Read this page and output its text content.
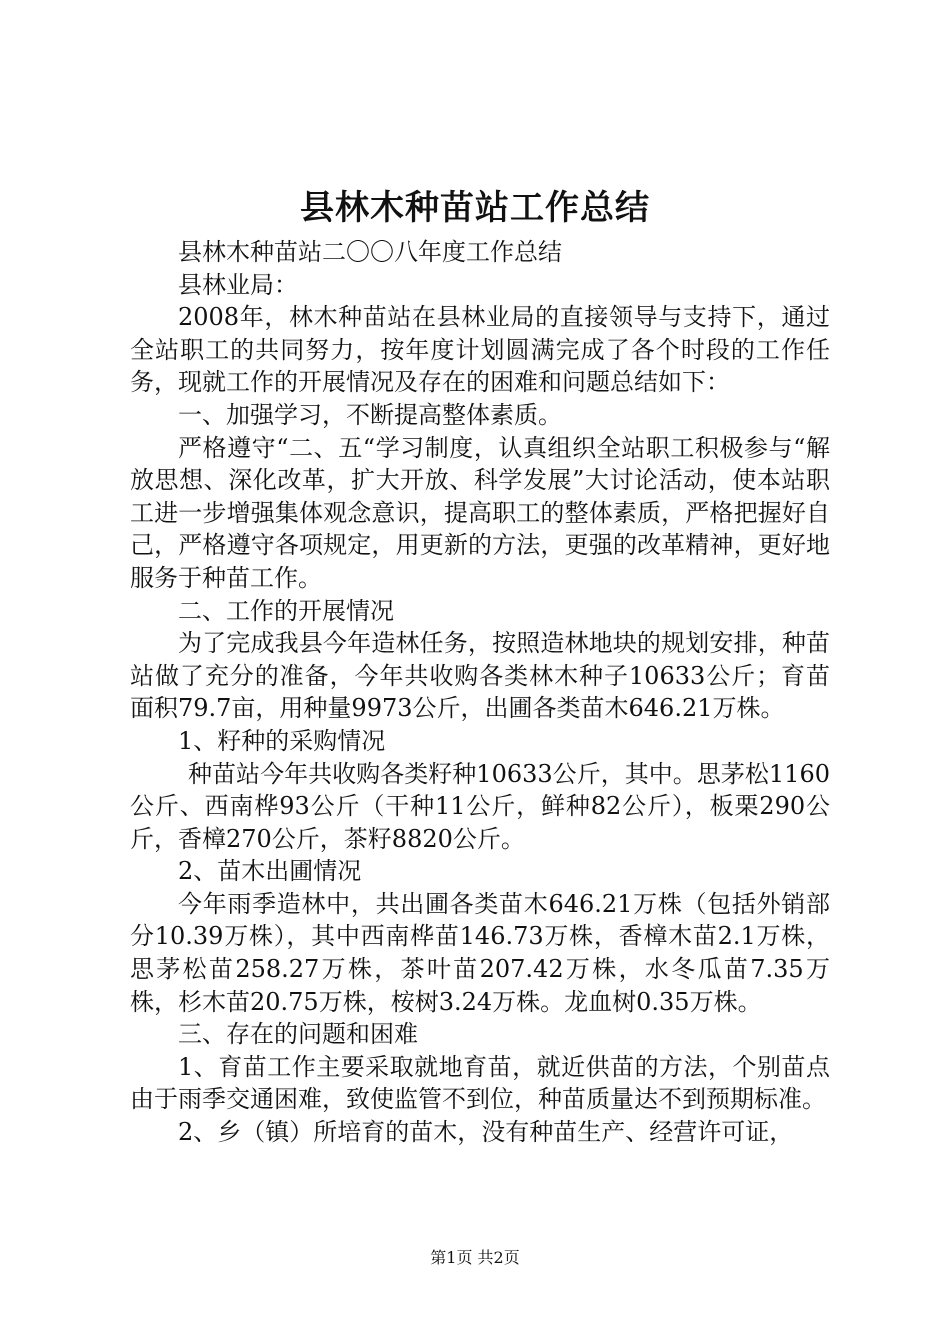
县林木种苗站工作总结

县林木种苗站二〇〇八年度工作总结

县林业局：

2008年，林木种苗站在县林业局的直接领导与支持下，通过全站职工的共同努力，按年度计划圆满完成了各个时段的工作任务，现就工作的开展情况及存在的困难和问题总结如下：

一、加强学习，不断提高整体素质。

严格遵守“二、五“学习制度，认真组织全站职工积极参与“解放思想、深化改革，扩大开放、科学发展”大讨论活动，使本站职工进一步增强集体观念意识，提高职工的整体素质，严格把握好自己，严格遵守各项规定，用更新的方法，更强的改革精神，更好地服务于种苗工作。

二、工作的开展情况

为了完成我县今年造林任务，按照造林地块的规划安排，种苗站做了充分的准备，今年共收购各类林木种子10633公斤；育苗面积79.7亩，用种量9973公斤，出圃各类苗木646.21万株。

1、籽种的采购情况

种苗站今年共收购各类籽种10633公斤，其中。思茅松1160公斤、西南桦93公斤（干种11公斤，鲜种82公斤），板栗290公斤，香樟270公斤，茶籽8820公斤。

2、苗木出圃情况

今年雨季造林中，共出圃各类苗木646.21万株（包括外销部分10.39万株），其中西南桦苗146.73万株，香樟木苗2.1万株，思茅松苗258.27万株，茶叶苗207.42万株，水冬瓜苗7.35万株，杉木苗20.75万株，桉树3.24万株。龙血树0.35万株。

三、存在的问题和困难

1、育苗工作主要采取就地育苗，就近供苗的方法，个别苗点由于雨季交通困难，致使监管不到位，种苗质量达不到预期标准。

2、乡（镇）所培育的苗木，没有种苗生产、经营许可证，

第1页 共2页
